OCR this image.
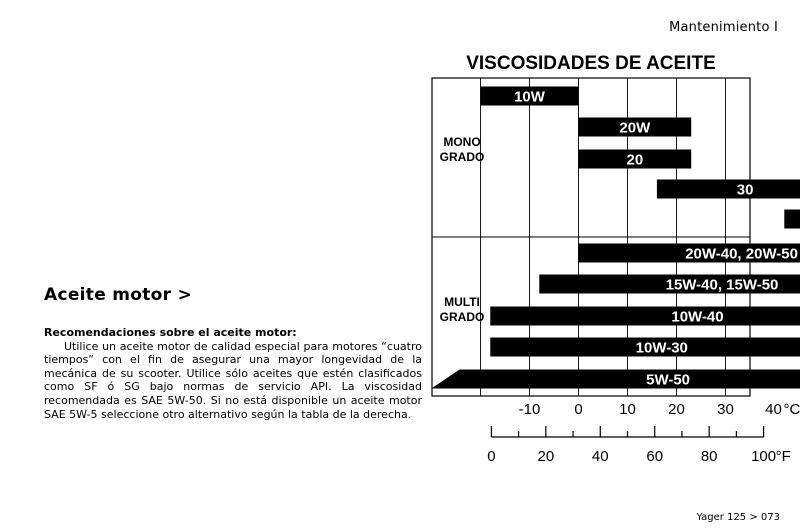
Mantenimiento I
Aceite motor >
Recomendaciones sobre el aceite motor:
Utilice un aceite motor de calidad especial para motores “cuatro tiempos” con el fin de asegurar una mayor longevidad de la mecánica de su scooter. Utilice sólo aceites que estén clasificados como SF ó SG bajo normas de servicio API. La viscosidad recomendada es SAE 5W-50. Si no está disponible un aceite motor SAE 5W-5 seleccione otro alternativo según la tabla de la derecha.
VISCOSIDADES DE ACEITE
MONO
GRADO
MULTI
GRADO
10W
20W
20
30
20W-40, 20W-50
15W-40, 15W-50
10W-40
10W-30
5W-50
-10 0 10 20 30 40 °C
0	20	40	60	80 100 °F
Yager 125 > 073
